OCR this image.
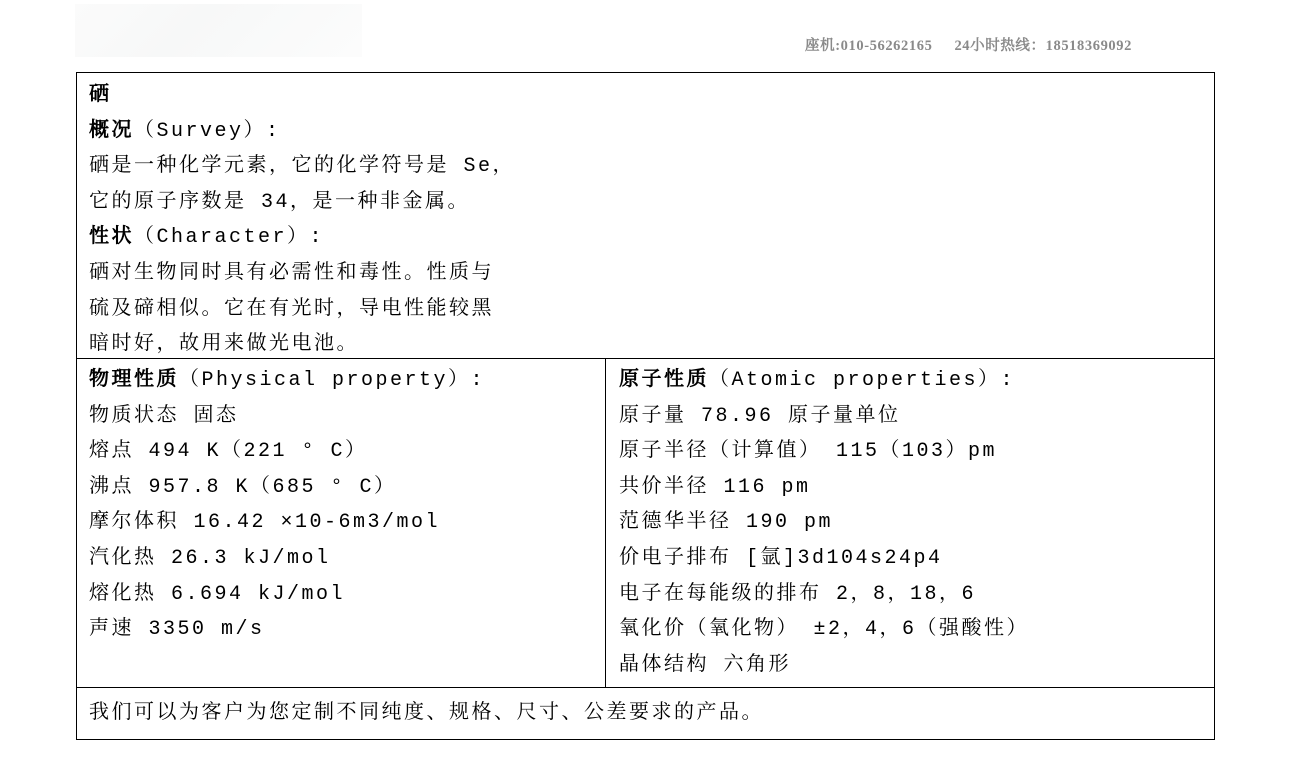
座机:010-56262165 24小时热线：18518369092
硒
概况（Survey）:
硒是一种化学元素，它的化学符号是 Se，
它的原子序数是 34，是一种非金属。
性状（Character）:
硒对生物同时具有必需性和毒性。性质与
硫及碲相似。它在有光时，导电性能较黑
暗时好，故用来做光电池。
物理性质（Physical property）:
物质状态 固态
熔点 494 K（221 ° C）
沸点 957.8 K（685 ° C）
摩尔体积 16.42 ×10-6m3/mol
汽化热 26.3 kJ/mol
熔化热 6.694 kJ/mol
声速 3350 m/s
原子性质（Atomic properties）:
原子量 78.96 原子量单位
原子半径（计算值） 115（103）pm
共价半径 116 pm
范德华半径 190 pm
价电子排布 [氩]3d104s24p4
电子在每能级的排布 2，8，18，6
氧化价（氧化物） ±2，4，6（强酸性）
晶体结构 六角形
我们可以为客户为您定制不同纯度、规格、尺寸、公差要求的产品。
